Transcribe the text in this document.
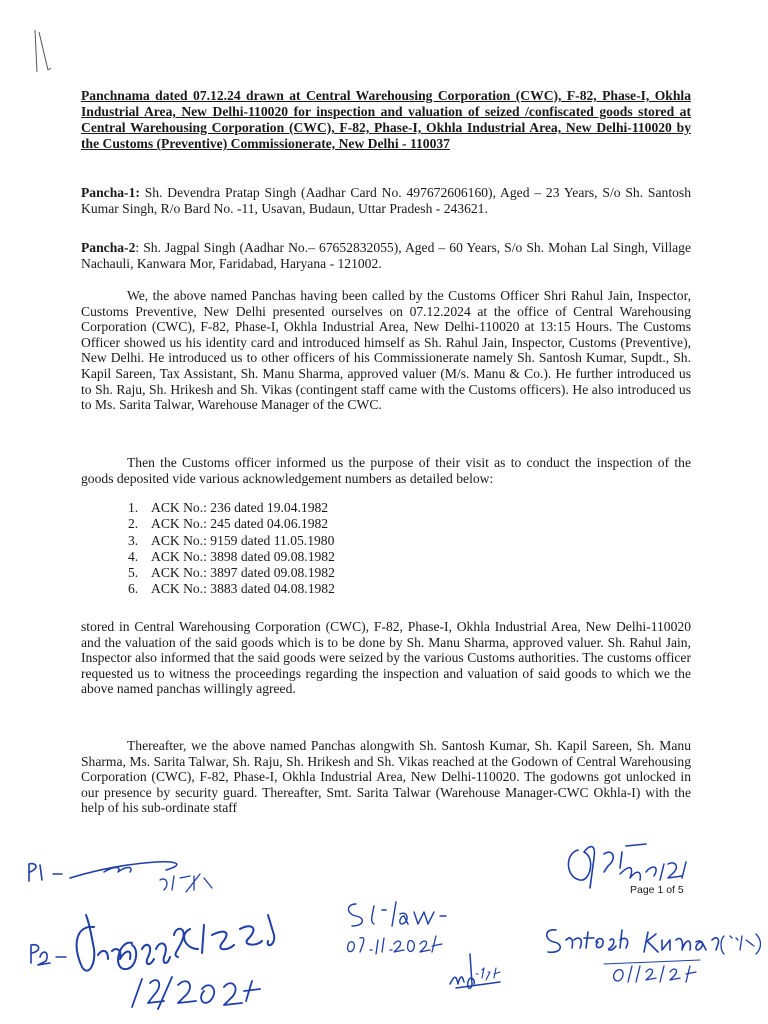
Panchnama dated 07.12.24 drawn at Central Warehousing Corporation (CWC), F-82, Phase-I, Okhla Industrial Area, New Delhi-110020 for inspection and valuation of seized /confiscated goods stored at Central Warehousing Corporation (CWC), F-82, Phase-I, Okhla Industrial Area, New Delhi-110020 by the Customs (Preventive) Commissionerate, New Delhi - 110037
Pancha-1: Sh. Devendra Pratap Singh (Aadhar Card No. 497672606160), Aged – 23 Years, S/o Sh. Santosh Kumar Singh, R/o Bard No. -11, Usavan, Budaun, Uttar Pradesh - 243621.
Pancha-2: Sh. Jagpal Singh (Aadhar No.– 67652832055), Aged – 60 Years, S/o Sh. Mohan Lal Singh, Village Nachauli, Kanwara Mor, Faridabad, Haryana - 121002.
We, the above named Panchas having been called by the Customs Officer Shri Rahul Jain, Inspector, Customs Preventive, New Delhi presented ourselves on 07.12.2024 at the office of Central Warehousing Corporation (CWC), F-82, Phase-I, Okhla Industrial Area, New Delhi-110020 at 13:15 Hours. The Customs Officer showed us his identity card and introduced himself as Sh. Rahul Jain, Inspector, Customs (Preventive), New Delhi. He introduced us to other officers of his Commissionerate namely Sh. Santosh Kumar, Supdt., Sh. Kapil Sareen, Tax Assistant, Sh. Manu Sharma, approved valuer (M/s. Manu & Co.). He further introduced us to Sh. Raju, Sh. Hrikesh and Sh. Vikas (contingent staff came with the Customs officers). He also introduced us to Ms. Sarita Talwar, Warehouse Manager of the CWC.
Then the Customs officer informed us the purpose of their visit as to conduct the inspection of the goods deposited vide various acknowledgement numbers as detailed below:
1. ACK No.: 236 dated 19.04.1982
2. ACK No.: 245 dated 04.06.1982
3. ACK No.: 9159 dated 11.05.1980
4. ACK No.: 3898 dated 09.08.1982
5. ACK No.: 3897 dated 09.08.1982
6. ACK No.: 3883 dated 04.08.1982
stored in Central Warehousing Corporation (CWC), F-82, Phase-I, Okhla Industrial Area, New Delhi-110020 and the valuation of the said goods which is to be done by Sh. Manu Sharma, approved valuer. Sh. Rahul Jain, Inspector also informed that the said goods were seized by the various Customs authorities. The customs officer requested us to witness the proceedings regarding the inspection and valuation of said goods to which we the above named panchas willingly agreed.
Thereafter, we the above named Panchas alongwith Sh. Santosh Kumar, Sh. Kapil Sareen, Sh. Manu Sharma, Ms. Sarita Talwar, Sh. Raju, Sh. Hrikesh and Sh. Vikas reached at the Godown of Central Warehousing Corporation (CWC), F-82, Phase-I, Okhla Industrial Area, New Delhi-110020. The godowns got unlocked in our presence by security guard. Thereafter, Smt. Sarita Talwar (Warehouse Manager-CWC Okhla-I) with the help of his sub-ordinate staff
Page 1 of 5
